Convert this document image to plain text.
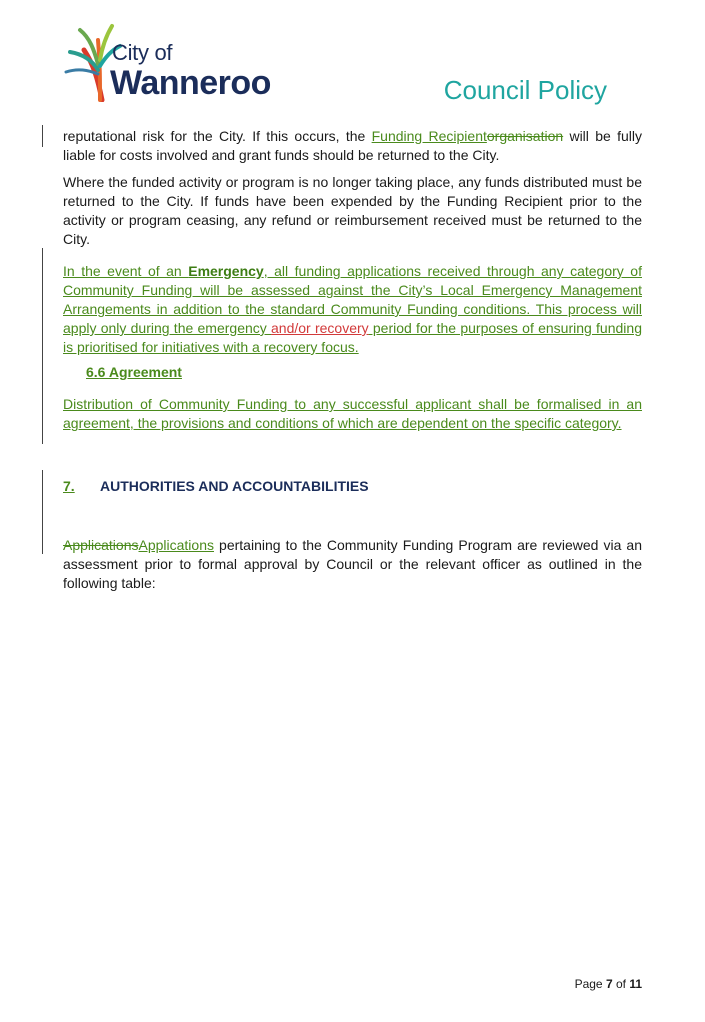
City of
Wanneroo	Council Policy

reputational risk for the City. If this occurs, the Funding Recipientorganisation will be fully liable for costs involved and grant funds should be returned to the City.

Where the funded activity or program is no longer taking place, any funds distributed must be returned to the City. If funds have been expended by the Funding Recipient prior to the activity or program ceasing, any refund or reimbursement received must be returned to the City.

In the event of an Emergency, all funding applications received through any category of Community Funding will be assessed against the City’s Local Emergency Management Arrangements in addition to the standard Community Funding conditions. This process will apply only during the emergency and/or recovery period for the purposes of ensuring funding is prioritised for initiatives with a recovery focus.

6.6 Agreement

Distribution of Community Funding to any successful applicant shall be formalised in an agreement, the provisions and conditions of which are dependent on the specific category.

7. AUTHORITIES AND ACCOUNTABILITIES

ApplicationsApplications pertaining to the Community Funding Program are reviewed via an assessment prior to formal approval by Council or the relevant officer as outlined in the following table:

Page 7 of 11
